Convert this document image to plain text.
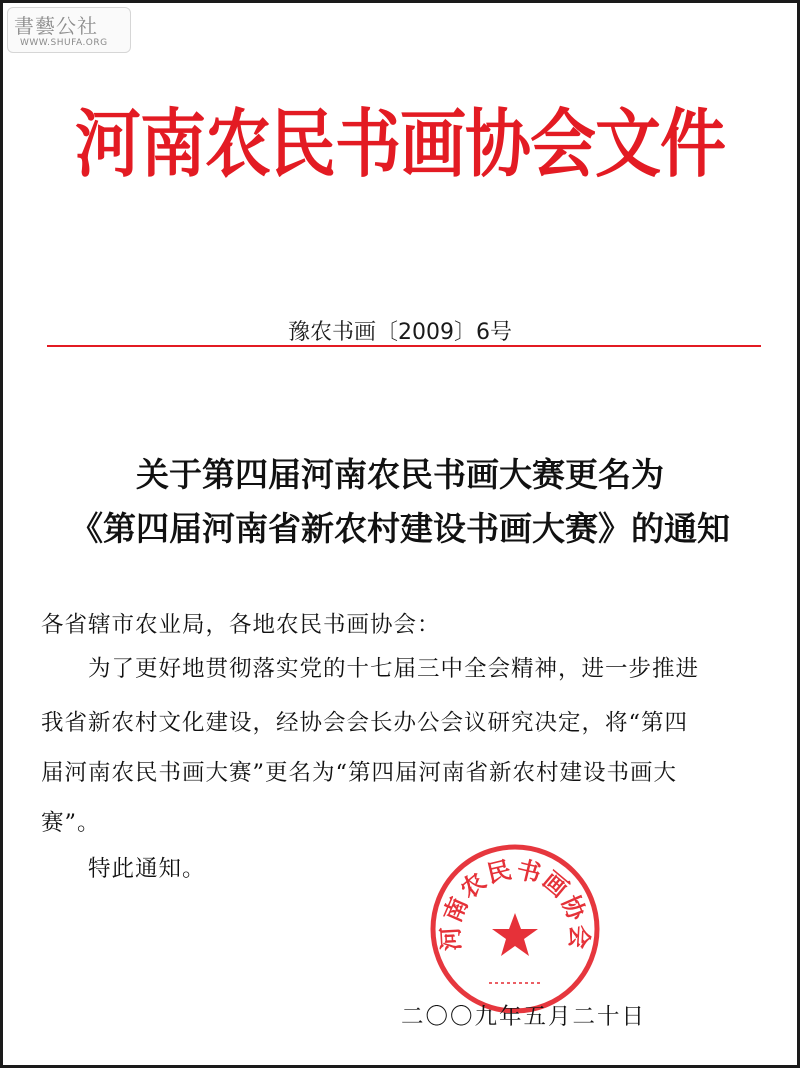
書藝公社
WWW.SHUFA.ORG
河南农民书画协会文件
豫农书画〔2009〕6号
关于第四届河南农民书画大赛更名为
《第四届河南省新农村建设书画大赛》的通知
各省辖市农业局，各地农民书画协会：
　　为了更好地贯彻落实党的十七届三中全会精神，进一步推进
我省新农村文化建设，经协会会长办公会议研究决定，将“第四
届河南农民书画大赛”更名为“第四届河南省新农村建设书画大
赛”。
　　特此通知。
河南农民书画协会
二〇〇九年五月二十日
